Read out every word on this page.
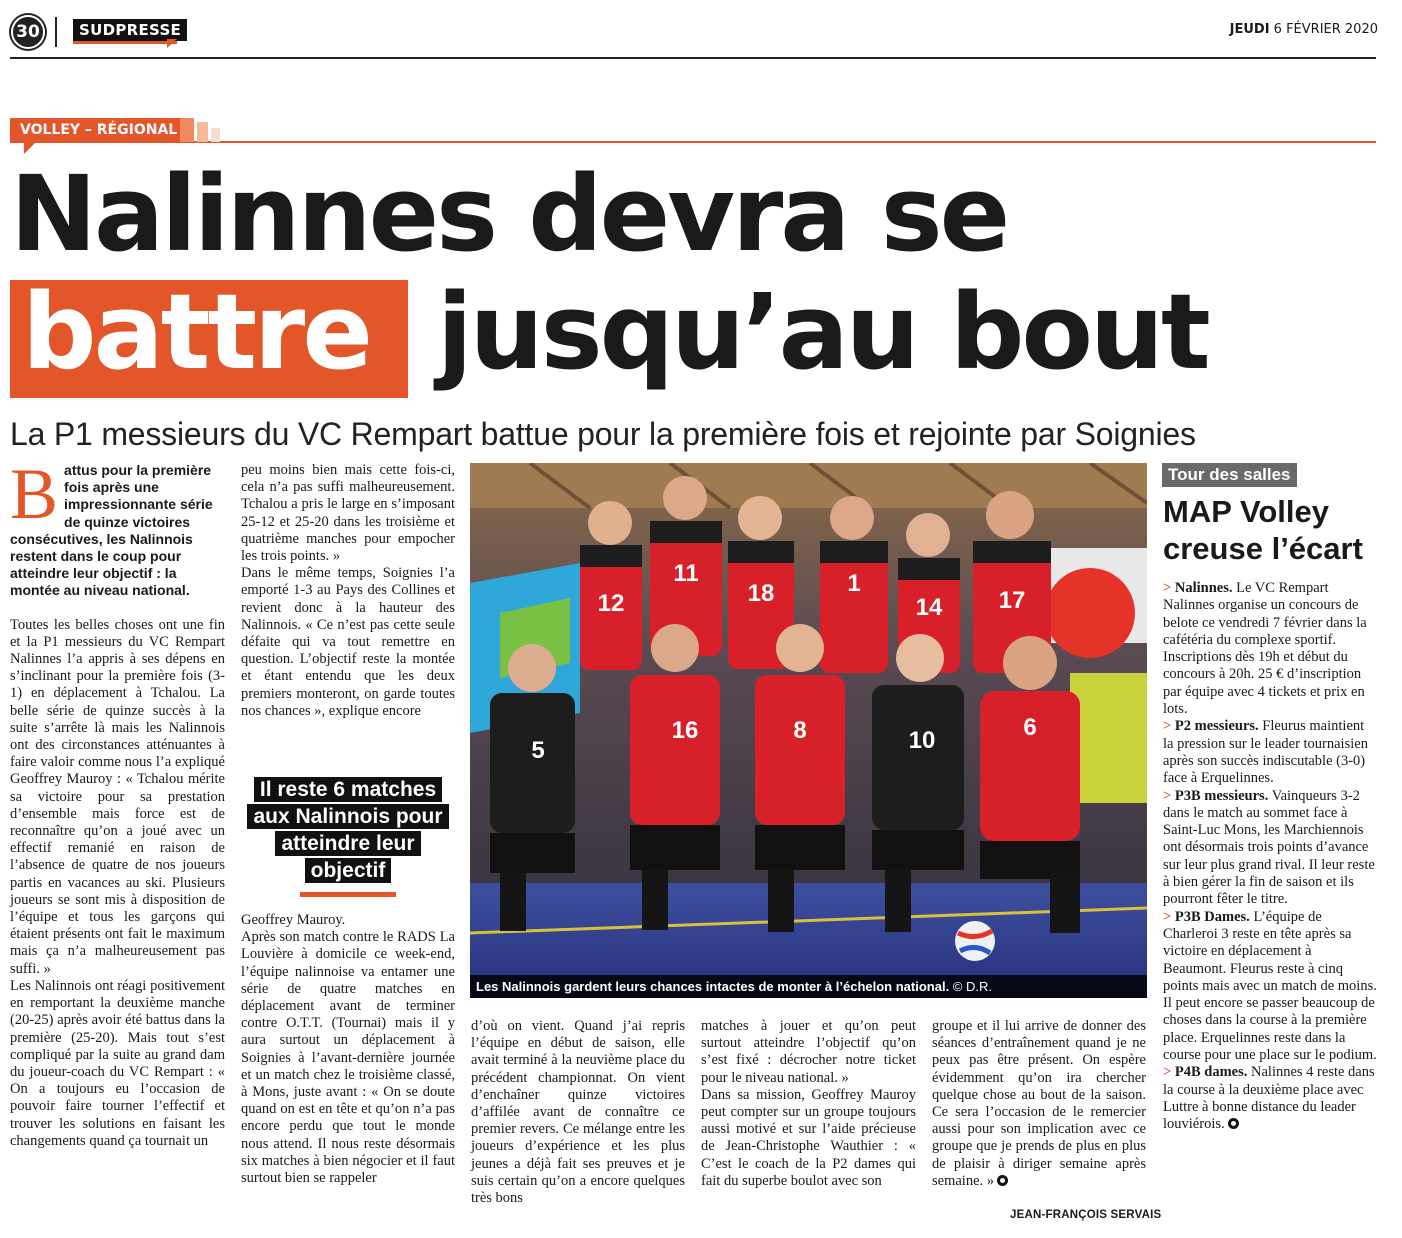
30	SUDPRESSE	JEUDI 6 FÉVRIER 2020
VOLLEY – RÉGIONAL
Nalinnes devra se
battre jusqu’au bout
La P1 messieurs du VC Rempart battue pour la première fois et rejointe par Soignies

Battus pour la première fois après une impressionnante série de quinze victoires consécutives, les Nalinnois restent dans le coup pour atteindre leur objectif : la montée au niveau national.

Toutes les belles choses ont une fin et la P1 messieurs du VC Rempart Nalinnes l’a appris à ses dépens en s’inclinant pour la première fois (3-1) en déplacement à Tchalou. La belle série de quinze succès à la suite s’arrête là mais les Nalinnois ont des circonstances atténuantes à faire valoir comme nous l’a expliqué Geoffrey Mauroy : « Tchalou mérite sa victoire pour sa prestation d’ensemble mais force est de reconnaître qu’on a joué avec un effectif remanié en raison de l’absence de quatre de nos joueurs partis en vacances au ski. Plusieurs joueurs se sont mis à disposition de l’équipe et tous les garçons qui étaient présents ont fait le maximum mais ça n’a malheureusement pas suffi. »

Les Nalinnois ont réagi positivement en remportant la deuxième manche (20-25) après avoir été battus dans la première (25-20). Mais tout s’est compliqué par la suite au grand dam du joueur-coach du VC Rempart : « On a toujours eu l’occasion de pouvoir faire tourner l’effectif et trouver les solutions en faisant les changements quand ça tournait un

peu moins bien mais cette fois-ci, cela n’a pas suffi malheureusement. Tchalou a pris le large en s’imposant 25-12 et 25-20 dans les troisième et quatrième manches pour empocher les trois points. »

Dans le même temps, Soignies l’a emporté 1-3 au Pays des Collines et revient donc à la hauteur des Nalinnois. « Ce n’est pas cette seule défaite qui va tout remettre en question. L’objectif reste la montée et étant entendu que les deux premiers monteront, on garde toutes nos chances », explique encore

Il reste 6 matches aux Nalinnois pour atteindre leur objectif

Geoffrey Mauroy.

Après son match contre le RADS La Louvière à domicile ce week-end, l’équipe nalinnoise va entamer une série de quatre matches en déplacement avant de terminer contre O.T.T. (Tournai) mais il y aura surtout un déplacement à Soignies à l’avant-dernière journée et un match chez le troisième classé, à Mons, juste avant : « On se doute quand on est en tête et qu’on n’a pas encore perdu que tout le monde nous attend. Il nous reste désormais six matches à bien négocier et il faut surtout bien se rappeler

12
11
18	1
14 17
5
16	8	10	6
Les Nalinnois gardent leurs chances intactes de monter à l’échelon national. © D.R.

d’où on vient. Quand j’ai repris l’équipe en début de saison, elle avait terminé à la neuvième place du précédent championnat. On vient d’enchaîner quinze victoires d’affilée avant de connaître ce premier revers. Ce mélange entre les joueurs d’expérience et les plus jeunes a déjà fait ses preuves et je suis certain qu’on a encore quelques très bons

matches à jouer et qu’on peut surtout atteindre l’objectif qu’on s’est fixé : décrocher notre ticket pour le niveau national. »

Dans sa mission, Geoffrey Mauroy peut compter sur un groupe toujours aussi motivé et sur l’aide précieuse de Jean-Christophe Wauthier : « C’est le coach de la P2 dames qui fait du superbe boulot avec son

groupe et il lui arrive de donner des séances d’entraînement quand je ne peux pas être présent. On espère évidemment qu’on ira chercher quelque chose au bout de la saison. Ce sera l’occasion de le remercier aussi pour son implication avec ce groupe que je prends de plus en plus de plaisir à diriger semaine après semaine. »

JEAN-FRANÇOIS SERVAIS
Tour des salles
MAP Volley creuse l’écart

> Nalinnes. Le VC Rempart Nalinnes organise un concours de belote ce vendredi 7 février dans la cafétéria du complexe sportif. Inscriptions dès 19h et début du concours à 20h. 25 € d’inscription par équipe avec 4 tickets et prix en lots.

> P2 messieurs. Fleurus maintient la pression sur le leader tournaisien après son succès indiscutable (3-0) face à Erquelinnes.

> P3B messieurs. Vainqueurs 3-2 dans le match au sommet face à Saint-Luc Mons, les Marchiennois ont désormais trois points d’avance sur leur plus grand rival. Il leur reste à bien gérer la fin de saison et ils pourront fêter le titre.

> P3B Dames. L’équipe de Charleroi 3 reste en tête après sa victoire en déplacement à Beaumont. Fleurus reste à cinq points mais avec un match de moins. Il peut encore se passer beaucoup de choses dans la course à la première place. Erquelinnes reste dans la course pour une place sur le podium.

> P4B dames. Nalinnes 4 reste dans la course à la deuxième place avec Luttre à bonne distance du leader louviérois.
